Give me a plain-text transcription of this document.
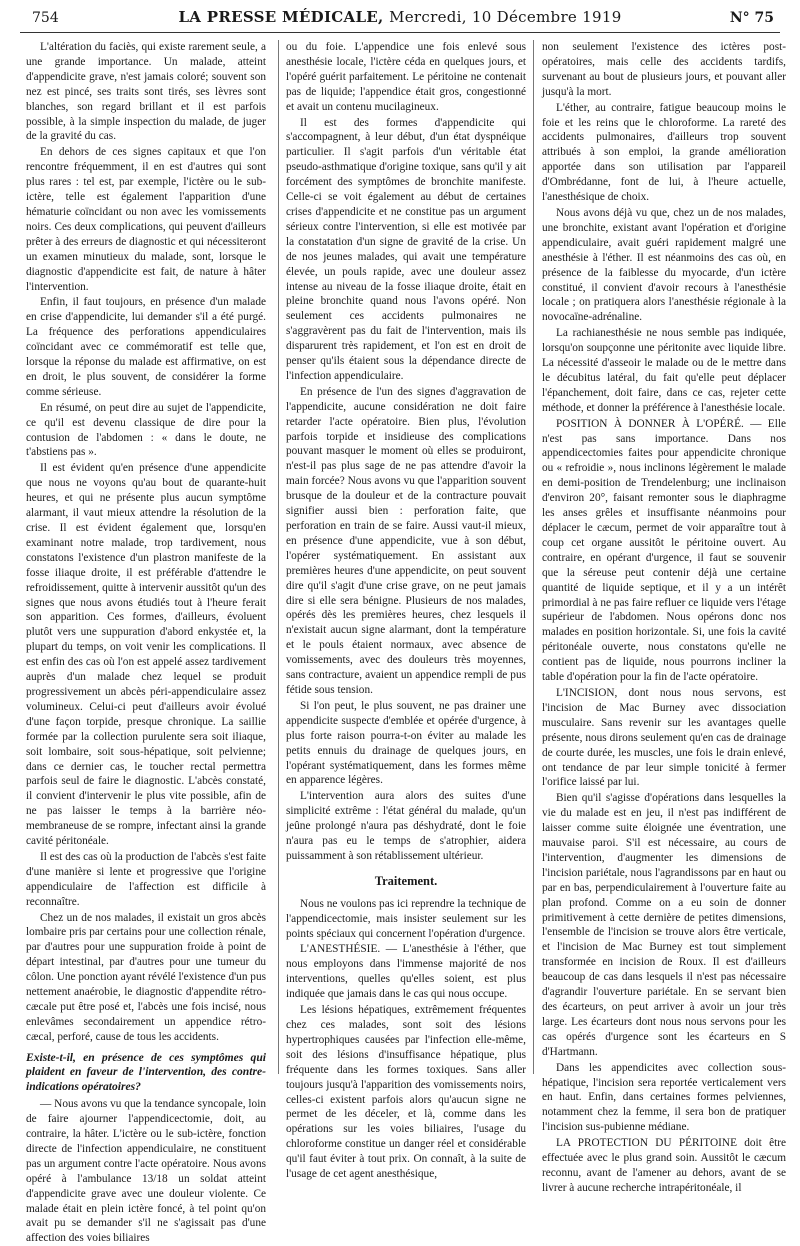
754	LA PRESSE MÉDICALE, Mercredi, 10 Décembre 1919	N° 75

L'altération du faciès, qui existe rarement seule, a une grande importance. Un malade, atteint d'appendicite grave, n'est jamais coloré; souvent son nez est pincé, ses traits sont tirés, ses lèvres sont blanches, son regard brillant et il est parfois possible, à la simple inspection du malade, de juger de la gravité du cas.

En dehors de ces signes capitaux et que l'on rencontre fréquemment, il en est d'autres qui sont plus rares : tel est, par exemple, l'ictère ou le sub-ictère, telle est également l'apparition d'une hématurie coïncidant ou non avec les vomissements noirs. Ces deux complications, qui peuvent d'ailleurs prêter à des erreurs de diagnostic et qui nécessiteront un examen minutieux du malade, sont, lorsque le diagnostic d'appendicite est fait, de nature à hâter l'intervention.

Enfin, il faut toujours, en présence d'un malade en crise d'appendicite, lui demander s'il a été purgé. La fréquence des perforations appendiculaires coïncidant avec ce commémoratif est telle que, lorsque la réponse du malade est affirmative, on est en droit, le plus souvent, de considérer la forme comme sérieuse.

En résumé, on peut dire au sujet de l'appendicite, ce qu'il est devenu classique de dire pour la contusion de l'abdomen : « dans le doute, ne t'abstiens pas ».

Il est évident qu'en présence d'une appendicite que nous ne voyons qu'au bout de quarante-huit heures, et qui ne présente plus aucun symptôme alarmant, il vaut mieux attendre la résolution de la crise. Il est évident également que, lorsqu'en examinant notre malade, trop tardivement, nous constatons l'existence d'un plastron manifeste de la fosse iliaque droite, il est préférable d'attendre le refroidissement, quitte à intervenir aussitôt qu'un des signes que nous avons étudiés tout à l'heure ferait son apparition. Ces formes, d'ailleurs, évoluent plutôt vers une suppuration d'abord enkystée et, la plupart du temps, on voit venir les complications. Il est enfin des cas où l'on est appelé assez tardivement auprès d'un malade chez lequel se produit progressivement un abcès péri-appendiculaire assez volumineux. Celui-ci peut d'ailleurs avoir évolué d'une façon torpide, presque chronique. La saillie formée par la collection purulente sera soit iliaque, soit lombaire, soit sous-hépatique, soit pelvienne; dans ce dernier cas, le toucher rectal permettra parfois seul de faire le diagnostic. L'abcès constaté, il convient d'intervenir le plus vite possible, afin de ne pas laisser le temps à la barrière néo-membraneuse de se rompre, infectant ainsi la grande cavité péritonéale.

Il est des cas où la production de l'abcès s'est faite d'une manière si lente et progressive que l'origine appendiculaire de l'affection est difficile à reconnaître.

Chez un de nos malades, il existait un gros abcès lombaire pris par certains pour une collection rénale, par d'autres pour une suppuration froide à point de départ intestinal, par d'autres pour une tumeur du côlon. Une ponction ayant révélé l'existence d'un pus nettement anaérobie, le diagnostic d'appendite rétro-cæcale put être posé et, l'abcès une fois incisé, nous enlevâmes secondairement un appendice rétro-cæcal, perforé, cause de tous les accidents.

Existe-t-il, en présence de ces symptômes qui plaident en faveur de l'intervention, des contre-indications opératoires?

— Nous avons vu que la tendance syncopale, loin de faire ajourner l'appendicectomie, doit, au contraire, la hâter. L'ictère ou le sub-ictère, fonction directe de l'infection appendiculaire, ne constituent pas un argument contre l'acte opératoire. Nous avons opéré à l'ambulance 13/18 un soldat atteint d'appendicite grave avec une douleur violente. Ce malade était en plein ictère foncé, à tel point qu'on avait pu se demander s'il ne s'agissait pas d'une affection des voies biliaires

ou du foie. L'appendice une fois enlevé sous anesthésie locale, l'ictère céda en quelques jours, et l'opéré guérit parfaitement. Le péritoine ne contenait pas de liquide; l'appendice était gros, congestionné et avait un contenu mucilagineux.

Il est des formes d'appendicite qui s'accompagnent, à leur début, d'un état dyspnéique particulier. Il s'agit parfois d'un véritable état pseudo-asthmatique d'origine toxique, sans qu'il y ait forcément des symptômes de bronchite manifeste. Celle-ci se voit également au début de certaines crises d'appendicite et ne constitue pas un argument sérieux contre l'intervention, si elle est motivée par la constatation d'un signe de gravité de la crise. Un de nos jeunes malades, qui avait une température élevée, un pouls rapide, avec une douleur assez intense au niveau de la fosse iliaque droite, était en pleine bronchite quand nous l'avons opéré. Non seulement ces accidents pulmonaires ne s'aggravèrent pas du fait de l'intervention, mais ils disparurent très rapidement, et l'on est en droit de penser qu'ils étaient sous la dépendance directe de l'infection appendiculaire.

En présence de l'un des signes d'aggravation de l'appendicite, aucune considération ne doit faire retarder l'acte opératoire. Bien plus, l'évolution parfois torpide et insidieuse des complications pouvant masquer le moment où elles se produiront, n'est-il pas plus sage de ne pas attendre d'avoir la main forcée? Nous avons vu que l'apparition souvent brusque de la douleur et de la contracture pouvait signifier aussi bien : perforation faite, que perforation en train de se faire. Aussi vaut-il mieux, en présence d'une appendicite, vue à son début, l'opérer systématiquement. En assistant aux premières heures d'une appendicite, on peut souvent dire qu'il s'agit d'une crise grave, on ne peut jamais dire si elle sera bénigne. Plusieurs de nos malades, opérés dès les premières heures, chez lesquels il n'existait aucun signe alarmant, dont la température et le pouls étaient normaux, avec absence de vomissements, avec des douleurs très moyennes, sans contracture, avaient un appendice rempli de pus fétide sous tension.

Si l'on peut, le plus souvent, ne pas drainer une appendicite suspecte d'emblée et opérée d'urgence, à plus forte raison pourra-t-on éviter au malade les petits ennuis du drainage de quelques jours, en l'opérant systématiquement, dans les formes même en apparence légères.

L'intervention aura alors des suites d'une simplicité extrême : l'état général du malade, qu'un jeûne prolongé n'aura pas déshydraté, dont le foie n'aura pas eu le temps de s'atrophier, aidera puissamment à son rétablissement ultérieur.

Traitement.

Nous ne voulons pas ici reprendre la technique de l'appendicectomie, mais insister seulement sur les points spéciaux qui concernent l'opération d'urgence.

L'ANESTHÉSIE. — L'anesthésie à l'éther, que nous employons dans l'immense majorité de nos interventions, quelles qu'elles soient, est plus indiquée que jamais dans le cas qui nous occupe.

Les lésions hépatiques, extrêmement fréquentes chez ces malades, sont soit des lésions hypertrophiques causées par l'infection elle-même, soit des lésions d'insuffisance hépatique, plus fréquente dans les formes toxiques. Sans aller toujours jusqu'à l'apparition des vomissements noirs, celles-ci existent parfois alors qu'aucun signe ne permet de les déceler, et là, comme dans les opérations sur les voies biliaires, l'usage du chloroforme constitue un danger réel et considérable qu'il faut éviter à tout prix. On connaît, à la suite de l'usage de cet agent anesthésique,

non seulement l'existence des ictères post-opératoires, mais celle des accidents tardifs, survenant au bout de plusieurs jours, et pouvant aller jusqu'à la mort.

L'éther, au contraire, fatigue beaucoup moins le foie et les reins que le chloroforme. La rareté des accidents pulmonaires, d'ailleurs trop souvent attribués à son emploi, la grande amélioration apportée dans son utilisation par l'appareil d'Ombrédanne, font de lui, à l'heure actuelle, l'anesthésique de choix.

Nous avons déjà vu que, chez un de nos malades, une bronchite, existant avant l'opération et d'origine appendiculaire, avait guéri rapidement malgré une anesthésie à l'éther. Il est néanmoins des cas où, en présence de la faiblesse du myocarde, d'un ictère constitué, il convient d'avoir recours à l'anesthésie locale ; on pratiquera alors l'anesthésie régionale à la novocaïne-adrénaline.

La rachianesthésie ne nous semble pas indiquée, lorsqu'on soupçonne une péritonite avec liquide libre. La nécessité d'asseoir le malade ou de le mettre dans le décubitus latéral, du fait qu'elle peut déplacer l'épanchement, doit faire, dans ce cas, rejeter cette méthode, et donner la préférence à l'anesthésie locale.

POSITION À DONNER À L'OPÉRÉ. — Elle n'est pas sans importance. Dans nos appendicectomies faites pour appendicite chronique ou « refroidie », nous inclinons légèrement le malade en demi-position de Trendelenburg; une inclinaison d'environ 20°, faisant remonter sous le diaphragme les anses grêles et insuffisante néanmoins pour déplacer le cæcum, permet de voir apparaître tout à coup cet organe aussitôt le péritoine ouvert. Au contraire, en opérant d'urgence, il faut se souvenir que la séreuse peut contenir déjà une certaine quantité de liquide septique, et il y a un intérêt primordial à ne pas faire refluer ce liquide vers l'étage supérieur de l'abdomen. Nous opérons donc nos malades en position horizontale. Si, une fois la cavité péritonéale ouverte, nous constatons qu'elle ne contient pas de liquide, nous pourrons incliner la table d'opération pour la fin de l'acte opératoire.

L'INCISION, dont nous nous servons, est l'incision de Mac Burney avec dissociation musculaire. Sans revenir sur les avantages quelle présente, nous dirons seulement qu'en cas de drainage de courte durée, les muscles, une fois le drain enlevé, ont tendance de par leur simple tonicité à fermer l'orifice laissé par lui.

Bien qu'il s'agisse d'opérations dans lesquelles la vie du malade est en jeu, il n'est pas indifférent de laisser comme suite éloignée une éventration, une mauvaise paroi. S'il est nécessaire, au cours de l'intervention, d'augmenter les dimensions de l'incision pariétale, nous l'agrandissons par en haut ou par en bas, perpendiculairement à l'ouverture faite au plan profond. Comme on a eu soin de donner primitivement à cette dernière de petites dimensions, l'ensemble de l'incision se trouve alors être verticale, et l'incision de Mac Burney est tout simplement transformée en incision de Roux. Il est d'ailleurs beaucoup de cas dans lesquels il n'est pas nécessaire d'agrandir l'ouverture pariétale. En se servant bien des écarteurs, on peut arriver à avoir un jour très large. Les écarteurs dont nous nous servons pour les cas opérés d'urgence sont les écarteurs en S d'Hartmann.

Dans les appendicites avec collection sous-hépatique, l'incision sera reportée verticalement vers en haut. Enfin, dans certaines formes pelviennes, notamment chez la femme, il sera bon de pratiquer l'incision sus-pubienne médiane.

LA PROTECTION DU PÉRITOINE doit être effectuée avec le plus grand soin. Aussitôt le cæcum reconnu, avant de l'amener au dehors, avant de se livrer à aucune recherche intrapéritonéale, il
